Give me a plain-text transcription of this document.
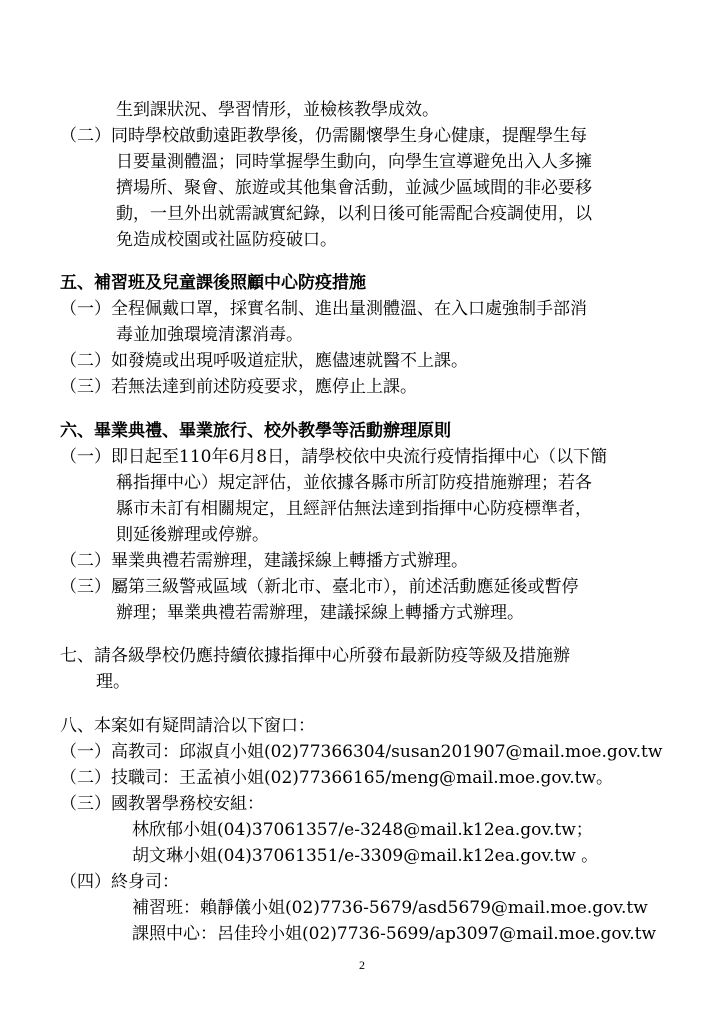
生到課狀況、學習情形，並檢核教學成效。

（二）同時學校啟動遠距教學後，仍需關懷學生身心健康，提醒學生每

日要量測體溫；同時掌握學生動向，向學生宣導避免出入人多擁

擠場所、聚會、旅遊或其他集會活動，並減少區域間的非必要移

動，一旦外出就需誠實紀錄，以利日後可能需配合疫調使用，以

免造成校園或社區防疫破口。

五、補習班及兒童課後照顧中心防疫措施

（一）全程佩戴口罩，採實名制、進出量測體溫、在入口處強制手部消

毒並加強環境清潔消毒。

（二）如發燒或出現呼吸道症狀，應儘速就醫不上課。

（三）若無法達到前述防疫要求，應停止上課。

六、畢業典禮、畢業旅行、校外教學等活動辦理原則

（一）即日起至110年6月8日，請學校依中央流行疫情指揮中心（以下簡

稱指揮中心）規定評估，並依據各縣市所訂防疫措施辦理；若各

縣市未訂有相關規定，且經評估無法達到指揮中心防疫標準者，

則延後辦理或停辦。

（二）畢業典禮若需辦理，建議採線上轉播方式辦理。

（三）屬第三級警戒區域（新北市、臺北市），前述活動應延後或暫停

辦理；畢業典禮若需辦理，建議採線上轉播方式辦理。

七、請各級學校仍應持續依據指揮中心所發布最新防疫等級及措施辦

理。

八、本案如有疑問請洽以下窗口：

（一）高教司：邱淑貞小姐(02)77366304/susan201907@mail.moe.gov.tw

（二）技職司：王孟禎小姐(02)77366165/meng@mail.moe.gov.tw。

（三）國教署學務校安組：

林欣郁小姐(04)37061357/e-3248@mail.k12ea.gov.tw；

胡文琳小姐(04)37061351/e-3309@mail.k12ea.gov.tw 。

（四）終身司：

補習班：賴靜儀小姐(02)7736-5679/asd5679@mail.moe.gov.tw

課照中心：呂佳玲小姐(02)7736-5699/ap3097@mail.moe.gov.tw

2
